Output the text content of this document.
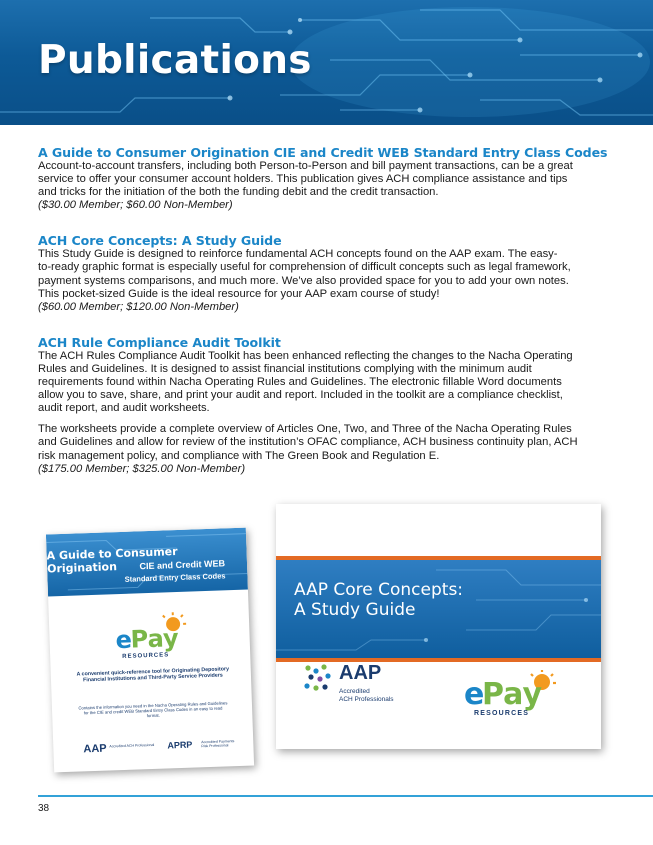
Publications
A Guide to Consumer Origination CIE and Credit WEB Standard Entry Class Codes

Account-to-account transfers, including both Person-to-Person and bill payment transactions, can be a great

service to offer your consumer account holders. This publication gives ACH compliance assistance and tips

and tricks for the initiation of the both the funding debit and the credit transaction.

($30.00 Member; $60.00 Non-Member)

ACH Core Concepts: A Study Guide

This Study Guide is designed to reinforce fundamental ACH concepts found on the AAP exam. The easy-

to-ready graphic format is especially useful for comprehension of difficult concepts such as legal framework,

payment systems comparisons, and much more. We’ve also provided space for you to add your own notes.

This pocket-sized Guide is the ideal resource for your AAP exam course of study!

($60.00 Member; $120.00 Non-Member)

ACH Rule Compliance Audit Toolkit

The ACH Rules Compliance Audit Toolkit has been enhanced reflecting the changes to the Nacha Operating

Rules and Guidelines. It is designed to assist financial institutions complying with the minimum audit

requirements found within Nacha Operating Rules and Guidelines. The electronic fillable Word documents

allow you to save, share, and print your audit and report. Included in the toolkit are a compliance checklist,

audit report, and audit worksheets.

The worksheets provide a complete overview of Articles One, Two, and Three of the Nacha Operating Rules

and Guidelines and allow for review of the institution’s OFAC compliance, ACH business continuity plan, ACH

risk management policy, and compliance with The Green Book and Regulation E.

($175.00 Member; $325.00 Non-Member)

A Guide to Consumer Origination	CIE and Credit WEB
Standard Entry Class Codes
e
Pay
RESOURCES
A convenient quick-reference tool for Originating Depository Financial Institutions and Third-Party Service Providers
Contains the information you need in the Nacha Operating Rules and Guidelines for the CIE and credit WEB Standard Entry Class Codes in an easy to read format.
AAP Accredited ACH Professional	APRP Accredited Payments Risk Professional
AAP Core Concepts:
A Study Guide
AAP
Accredited
ACH Professionals e
Pay
RESOURCES
38
